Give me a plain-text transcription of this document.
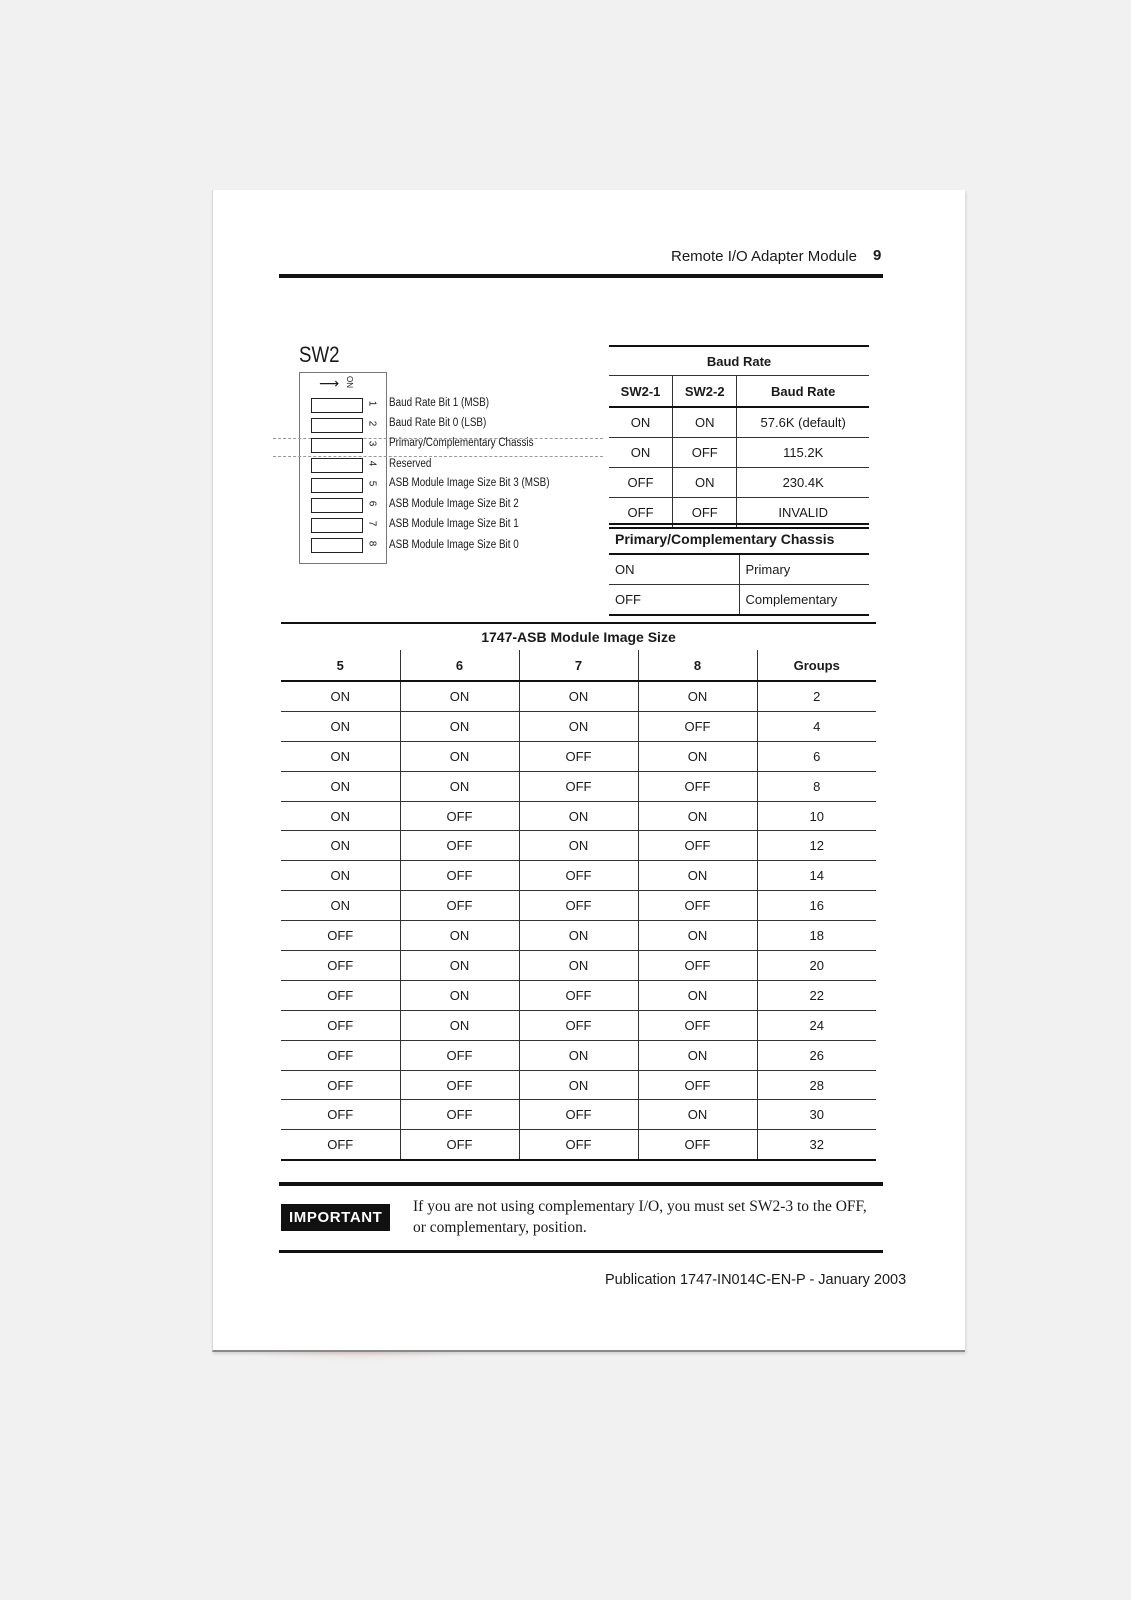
Remote I/O Adapter Module 9
SW2
⟶ ON
1
2
3
4
5
6
7
8
Baud Rate Bit 1 (MSB)
Baud Rate Bit 0 (LSB)
Primary/Complementary Chassis
Reserved
ASB Module Image Size Bit 3 (MSB)
ASB Module Image Size Bit 2
ASB Module Image Size Bit 1
ASB Module Image Size Bit 0
Baud Rate		
SW2-1	SW2-2	Baud Rate
ON	ON	57.6K (default)
ON	OFF	115.2K
OFF	ON	230.4K
OFF	OFF	INVALID
Primary/Complementary Chassis	
ON	Primary
OFF	Complementary
1747-ASB Module Image Size				
5	6	7	8	Groups
ON	ON	ON	ON	2
ON	ON	ON	OFF	4
ON	ON	OFF	ON	6
ON	ON	OFF	OFF	8
ON	OFF	ON	ON	10
ON	OFF	ON	OFF	12
ON	OFF	OFF	ON	14
ON	OFF	OFF	OFF	16
OFF	ON	ON	ON	18
OFF	ON	ON	OFF	20
OFF	ON	OFF	ON	22
OFF	ON	OFF	OFF	24
OFF	OFF	ON	ON	26
OFF	OFF	ON	OFF	28
OFF	OFF	OFF	ON	30
OFF	OFF	OFF	OFF	32
IMPORTANT
If you are not using complementary I/O, you must set SW2-3 to the OFF, or complementary, position.
Publication 1747-IN014C-EN-P - January 2003
